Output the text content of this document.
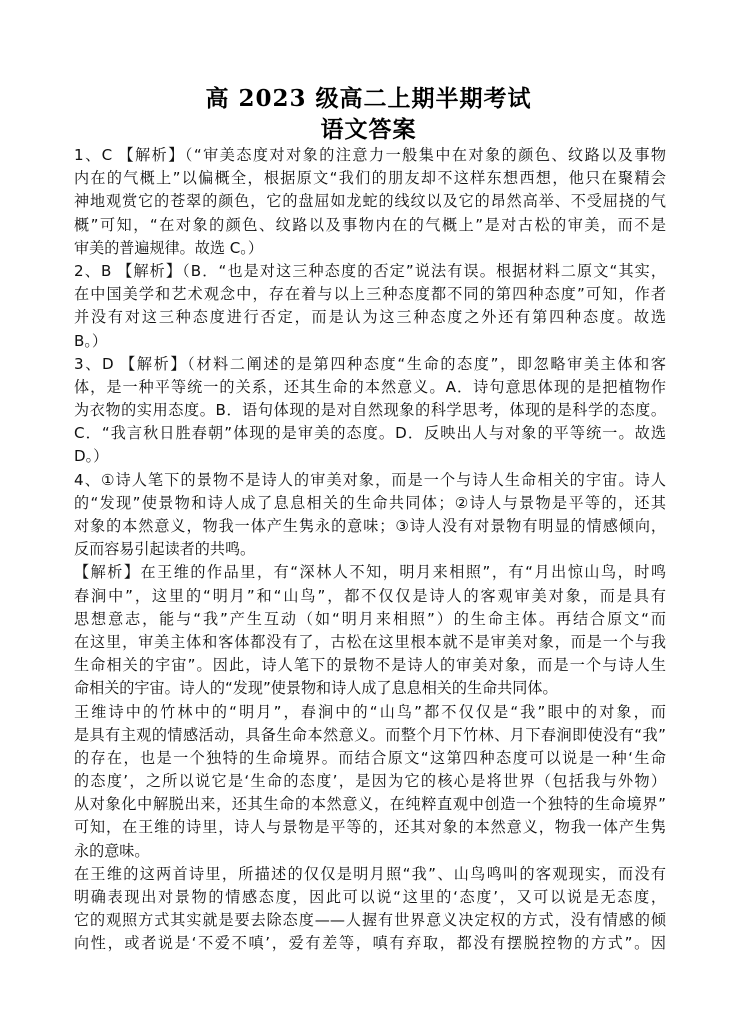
高 2023 级高二上期半期考试
语文答案
1、C 【解析】（“审美态度对对象的注意力一般集中在对象的颜色、纹路以及事物
内在的气概上”以偏概全，根据原文“我们的朋友却不这样东想西想，他只在聚精会
神地观赏它的苍翠的颜色，它的盘屈如龙蛇的线纹以及它的昂然高举、不受屈挠的气
概”可知，“在对象的颜色、纹路以及事物内在的气概上”是对古松的审美，而不是
审美的普遍规律。故选 C。）
2、B 【解析】（B．“也是对这三种态度的否定”说法有误。根据材料二原文“其实，
在中国美学和艺术观念中，存在着与以上三种态度都不同的第四种态度”可知，作者
并没有对这三种态度进行否定，而是认为这三种态度之外还有第四种态度。故选
B。）
3、D 【解析】（材料二阐述的是第四种态度“生命的态度”，即忽略审美主体和客
体，是一种平等统一的关系，还其生命的本然意义。A．诗句意思体现的是把植物作
为衣物的实用态度。B．语句体现的是对自然现象的科学思考，体现的是科学的态度。
C．“我言秋日胜春朝”体现的是审美的态度。D．反映出人与对象的平等统一。故选
D。）
4、①诗人笔下的景物不是诗人的审美对象，而是一个与诗人生命相关的宇宙。诗人
的“发现”使景物和诗人成了息息相关的生命共同体；②诗人与景物是平等的，还其
对象的本然意义，物我一体产生隽永的意味；③诗人没有对景物有明显的情感倾向，
反而容易引起读者的共鸣。
【解析】在王维的作品里，有“深林人不知，明月来相照”，有“月出惊山鸟，时鸣
春涧中”，这里的“明月”和“山鸟”，都不仅仅是诗人的客观审美对象，而是具有
思想意志，能与“我”产生互动（如“明月来相照”）的生命主体。再结合原文“而
在这里，审美主体和客体都没有了，古松在这里根本就不是审美对象，而是一个与我
生命相关的宇宙”。因此，诗人笔下的景物不是诗人的审美对象，而是一个与诗人生
命相关的宇宙。诗人的“发现”使景物和诗人成了息息相关的生命共同体。
王维诗中的竹林中的“明月”，春涧中的“山鸟”都不仅仅是“我”眼中的对象，而
是具有主观的情感活动，具备生命本然意义。而整个月下竹林、月下春涧即使没有“我”
的存在，也是一个独特的生命境界。而结合原文“这第四种态度可以说是一种‘生命
的态度’，之所以说它是‘生命的态度’，是因为它的核心是将世界（包括我与外物）
从对象化中解脱出来，还其生命的本然意义，在纯粹直观中创造一个独特的生命境界”
可知，在王维的诗里，诗人与景物是平等的，还其对象的本然意义，物我一体产生隽
永的意味。
在王维的这两首诗里，所描述的仅仅是明月照“我”、山鸟鸣叫的客观现实，而没有
明确表现出对景物的情感态度，因此可以说“这里的‘态度’，又可以说是无态度，
它的观照方式其实就是要去除态度——人握有世界意义决定权的方式，没有情感的倾
向性，或者说是‘不爱不嗔’，爱有差等，嗔有弃取，都没有摆脱控物的方式”。因
